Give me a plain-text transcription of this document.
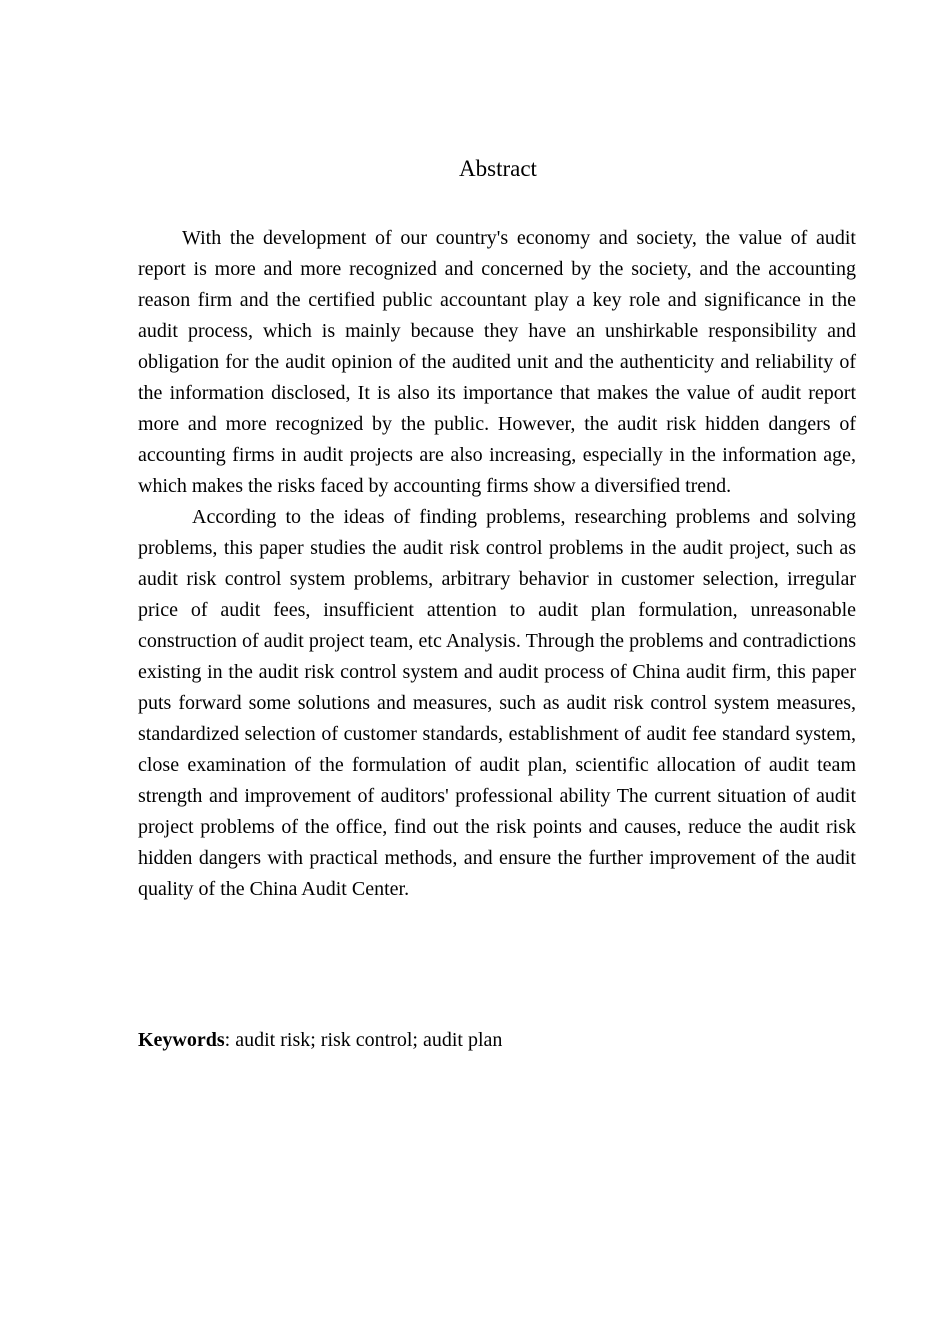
Abstract

With the development of our country's economy and society, the value of audit report is more and more recognized and concerned by the society, and the accounting reason firm and the certified public accountant play a key role and significance in the audit process, which is mainly because they have an unshirkable responsibility and obligation for the audit opinion of the audited unit and the authenticity and reliability of the information disclosed, It is also its importance that makes the value of audit report more and more recognized by the public. However, the audit risk hidden dangers of accounting firms in audit projects are also increasing, especially in the information age, which makes the risks faced by accounting firms show a diversified trend.

According to the ideas of finding problems, researching problems and solving problems, this paper studies the audit risk control problems in the audit project, such as audit risk control system problems, arbitrary behavior in customer selection, irregular price of audit fees, insufficient attention to audit plan formulation, unreasonable construction of audit project team, etc Analysis. Through the problems and contradictions existing in the audit risk control system and audit process of China audit firm, this paper puts forward some solutions and measures, such as audit risk control system measures, standardized selection of customer standards, establishment of audit fee standard system, close examination of the formulation of audit plan, scientific allocation of audit team strength and improvement of auditors' professional ability The current situation of audit project problems of the office, find out the risk points and causes, reduce the audit risk hidden dangers with practical methods, and ensure the further improvement of the audit quality of the China Audit Center.

Keywords: audit risk; risk control; audit plan
